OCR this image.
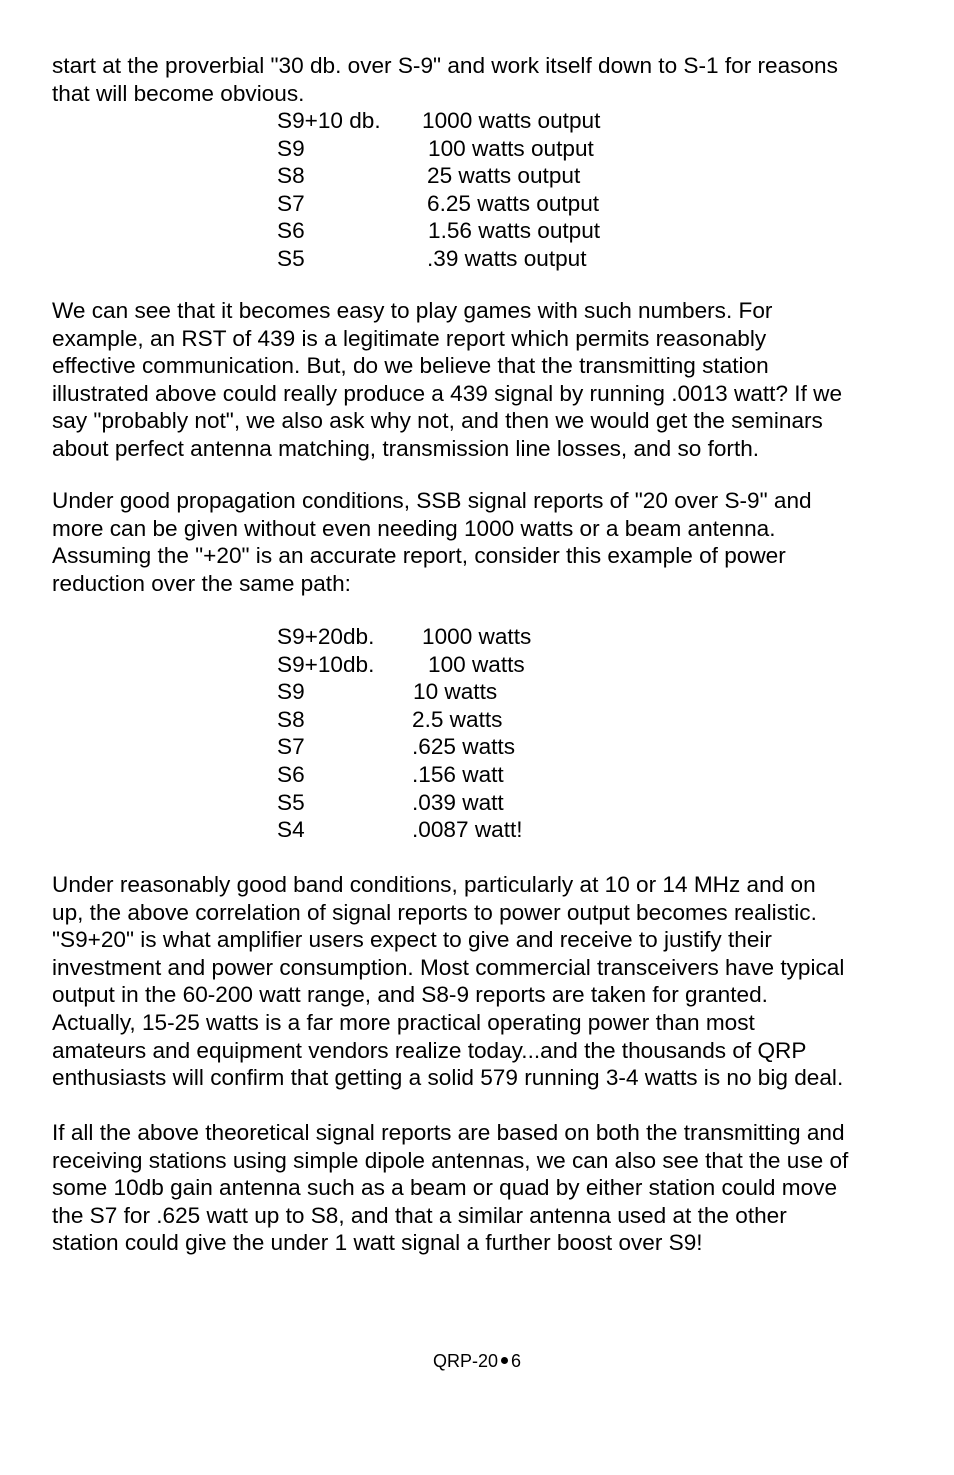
start at the proverbial "30 db. over S-9" and work itself down to S-1 for reasons
that will become obvious.
S9+10 db. 1000 watts output
S9	100 watts output
S8	25 watts output
S7	6.25 watts output
S6	1.56 watts output
S5	.39 watts output
We can see that it becomes easy to play games with such numbers. For
example, an RST of 439 is a legitimate report which permits reasonably
effective communication. But, do we believe that the transmitting station
illustrated above could really produce a 439 signal by running .0013 watt? If we
say "probably not", we also ask why not, and then we would get the seminars
about perfect antenna matching, transmission line losses, and so forth.
Under good propagation conditions, SSB signal reports of "20 over S-9" and
more can be given without even needing 1000 watts or a beam antenna.
Assuming the "+20" is an accurate report, consider this example of power
reduction over the same path:
S9+20db. 1000 watts
S9+10db. 100 watts
S9	10 watts
S8	2.5 watts
S7	.625 watts
S6	.156 watt
S5	.039 watt
S4	.0087 watt!
Under reasonably good band conditions, particularly at 10 or 14 MHz and on
up, the above correlation of signal reports to power output becomes realistic.
"S9+20" is what amplifier users expect to give and receive to justify their
investment and power consumption. Most commercial transceivers have typical
output in the 60-200 watt range, and S8-9 reports are taken for granted.
Actually, 15-25 watts is a far more practical operating power than most
amateurs and equipment vendors realize today...and the thousands of QRP
enthusiasts will confirm that getting a solid 579 running 3-4 watts is no big deal.
If all the above theoretical signal reports are based on both the transmitting and
receiving stations using simple dipole antennas, we can also see that the use of
some 10db gain antenna such as a beam or quad by either station could move
the S7 for .625 watt up to S8, and that a similar antenna used at the other
station could give the under 1 watt signal a further boost over S9!
QRP-20 6
